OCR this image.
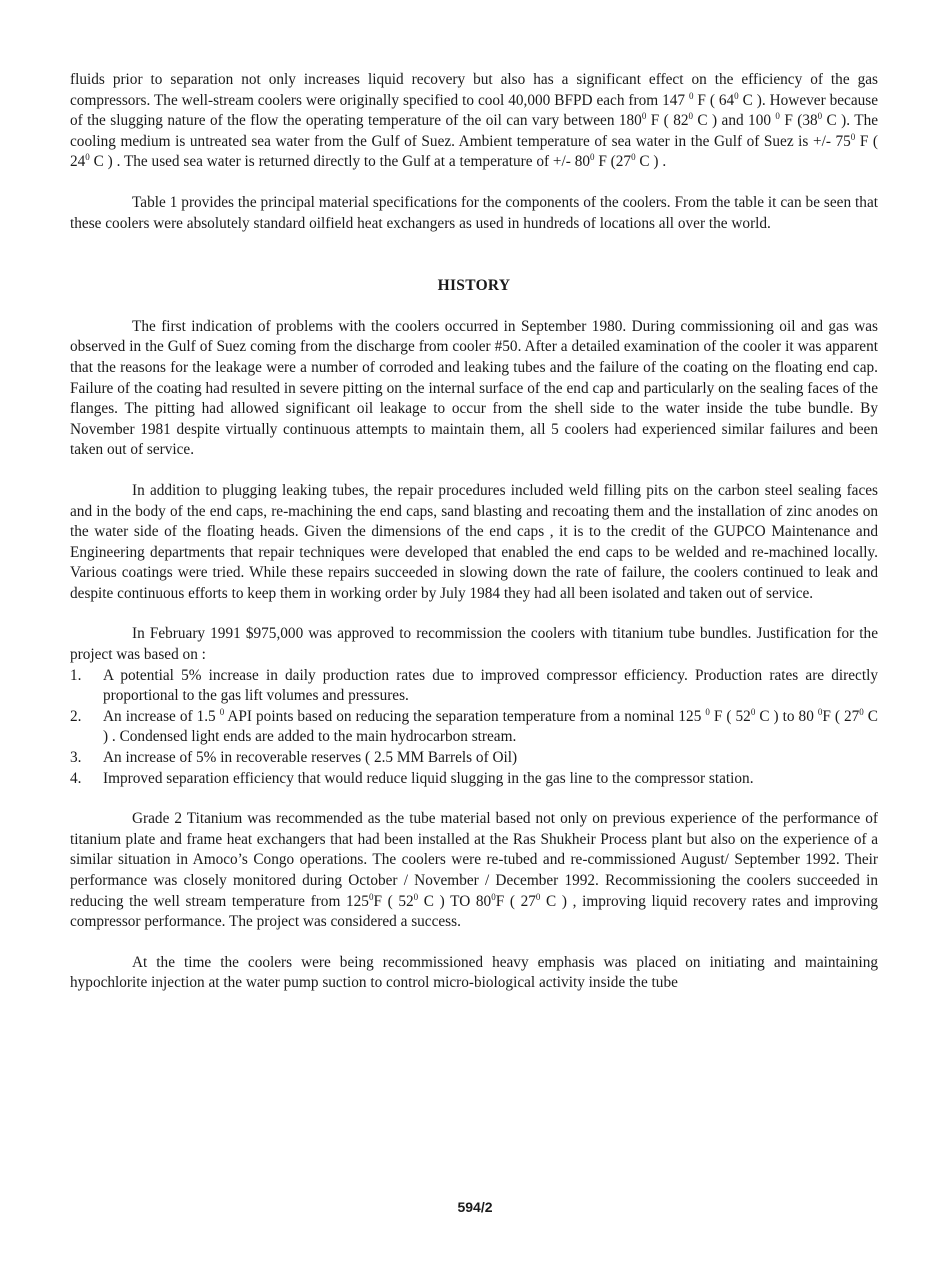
fluids prior to separation not only increases liquid recovery but also has a significant effect on the efficiency of the gas compressors. The well-stream coolers were originally specified to cool 40,000 BFPD each from 147 $^0$ F ( $64^0$ C ). However because of the slugging nature of the flow the operating temperature of the oil can vary between $180^0$ F ( $82^0$ C ) and 100 $^0$ F ($38^0$ C ). The cooling medium is untreated sea water from the Gulf of Suez. Ambient temperature of sea water in the Gulf of Suez is +/- $75^0$ F ( $24^0$ C ) . The used sea water is returned directly to the Gulf at a temperature of +/- $80^0$ F ($27^0$ C ) .

Table 1 provides the principal material specifications for the components of the coolers. From the table it can be seen that these coolers were absolutely standard oilfield heat exchangers as used in hundreds of locations all over the world.

HISTORY

The first indication of problems with the coolers occurred in September 1980. During commissioning oil and gas was observed in the Gulf of Suez coming from the discharge from cooler #50. After a detailed examination of the cooler it was apparent that the reasons for the leakage were a number of corroded and leaking tubes and the failure of the coating on the floating end cap. Failure of the coating had resulted in severe pitting on the internal surface of the end cap and particularly on the sealing faces of the flanges. The pitting had allowed significant oil leakage to occur from the shell side to the water inside the tube bundle. By November 1981 despite virtually continuous attempts to maintain them, all 5 coolers had experienced similar failures and been taken out of service.

In addition to plugging leaking tubes, the repair procedures included weld filling pits on the carbon steel sealing faces and in the body of the end caps, re-machining the end caps, sand blasting and recoating them and the installation of zinc anodes on the water side of the floating heads. Given the dimensions of the end caps , it is to the credit of the GUPCO Maintenance and Engineering departments that repair techniques were developed that enabled the end caps to be welded and re-machined locally. Various coatings were tried. While these repairs succeeded in slowing down the rate of failure, the coolers continued to leak and despite continuous efforts to keep them in working order by July 1984 they had all been isolated and taken out of service.

In February 1991 $975,000 was approved to recommission the coolers with titanium tube bundles. Justification for the project was based on :

1.	A potential 5% increase in daily production rates due to improved compressor efficiency. Production rates are directly proportional to the gas lift volumes and pressures.
2.	An increase of 1.5 $^0$ API points based on reducing the separation temperature from a nominal 125 $^0$ F ( $52^0$ C ) to 80 $^0$F ( $27^0$ C ) . Condensed light ends are added to the main hydrocarbon stream.
3.	An increase of 5% in recoverable reserves ( 2.5 MM Barrels of Oil)
4.	Improved separation efficiency that would reduce liquid slugging in the gas line to the compressor station.

Grade 2 Titanium was recommended as the tube material based not only on previous experience of the performance of titanium plate and frame heat exchangers that had been installed at the Ras Shukheir Process plant but also on the experience of a similar situation in Amoco’s Congo operations. The coolers were re-tubed and re-commissioned August/ September 1992. Their performance was closely monitored during October / November / December 1992. Recommissioning the coolers succeeded in reducing the well stream temperature from $125^0F$ ( $52^0$ C ) TO $80^0F$ ( $27^0$ C ) , improving liquid recovery rates and improving compressor performance. The project was considered a success.

At the time the coolers were being recommissioned heavy emphasis was placed on initiating and maintaining hypochlorite injection at the water pump suction to control micro-biological activity inside the tube

594/2
